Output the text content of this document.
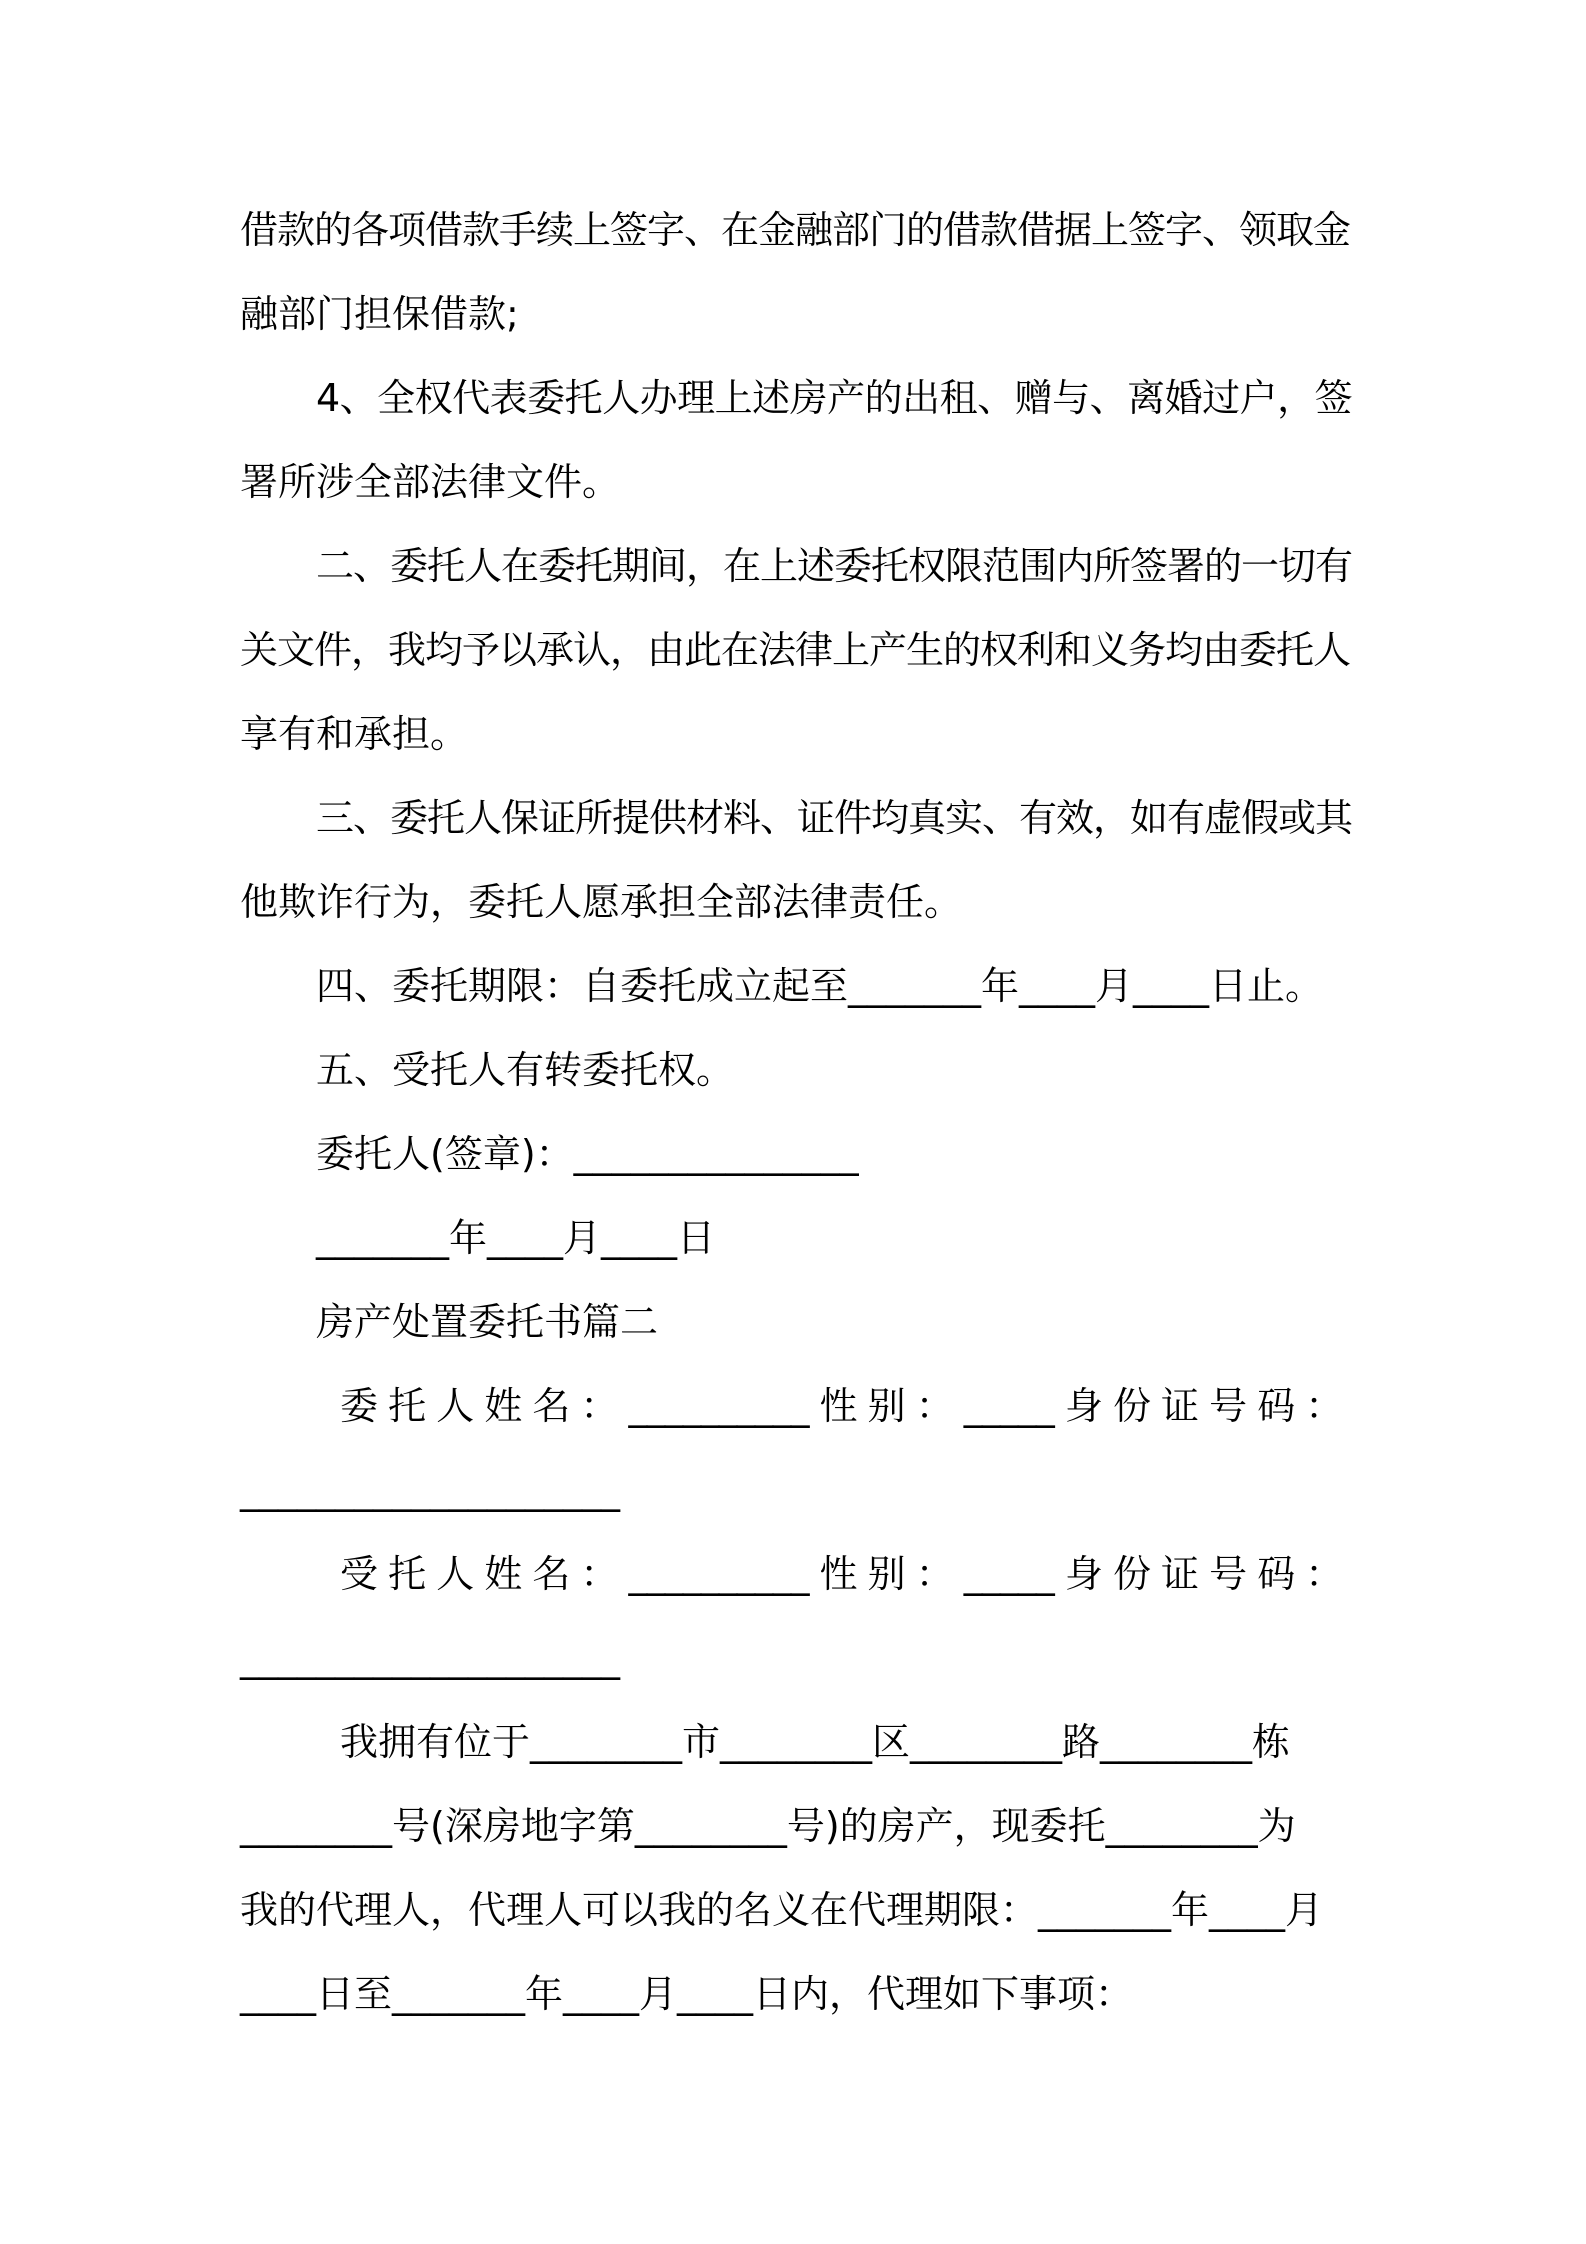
借款的各项借款手续上签字、在金融部门的借款借据上签字、领取金
融部门担保借款;
4、全权代表委托人办理上述房产的出租、赠与、离婚过户，签
署所涉全部法律文件。
二、委托人在委托期间，在上述委托权限范围内所签署的一切有
关文件，我均予以承认，由此在法律上产生的权利和义务均由委托人
享有和承担。
三、委托人保证所提供材料、证件均真实、有效，如有虚假或其
他欺诈行为，委托人愿承担全部法律责任。
四、委托期限：自委托成立起至_______年____月____日止。
五、受托人有转委托权。
委托人(签章)：_______________
_______年____月____日
房产处置委托书篇二
委 托 人 姓 名 ： __________ 性 别 ： _____ 身 份 证 号 码 ：
____________________
受 托 人 姓 名 ： __________ 性 别 ： _____ 身 份 证 号 码 ：
____________________
我拥有位于________市________区________路________栋
________号(深房地字第________号)的房产，现委托________为
我的代理人，代理人可以我的名义在代理期限：_______年____月
____日至_______年____月____日内，代理如下事项：
